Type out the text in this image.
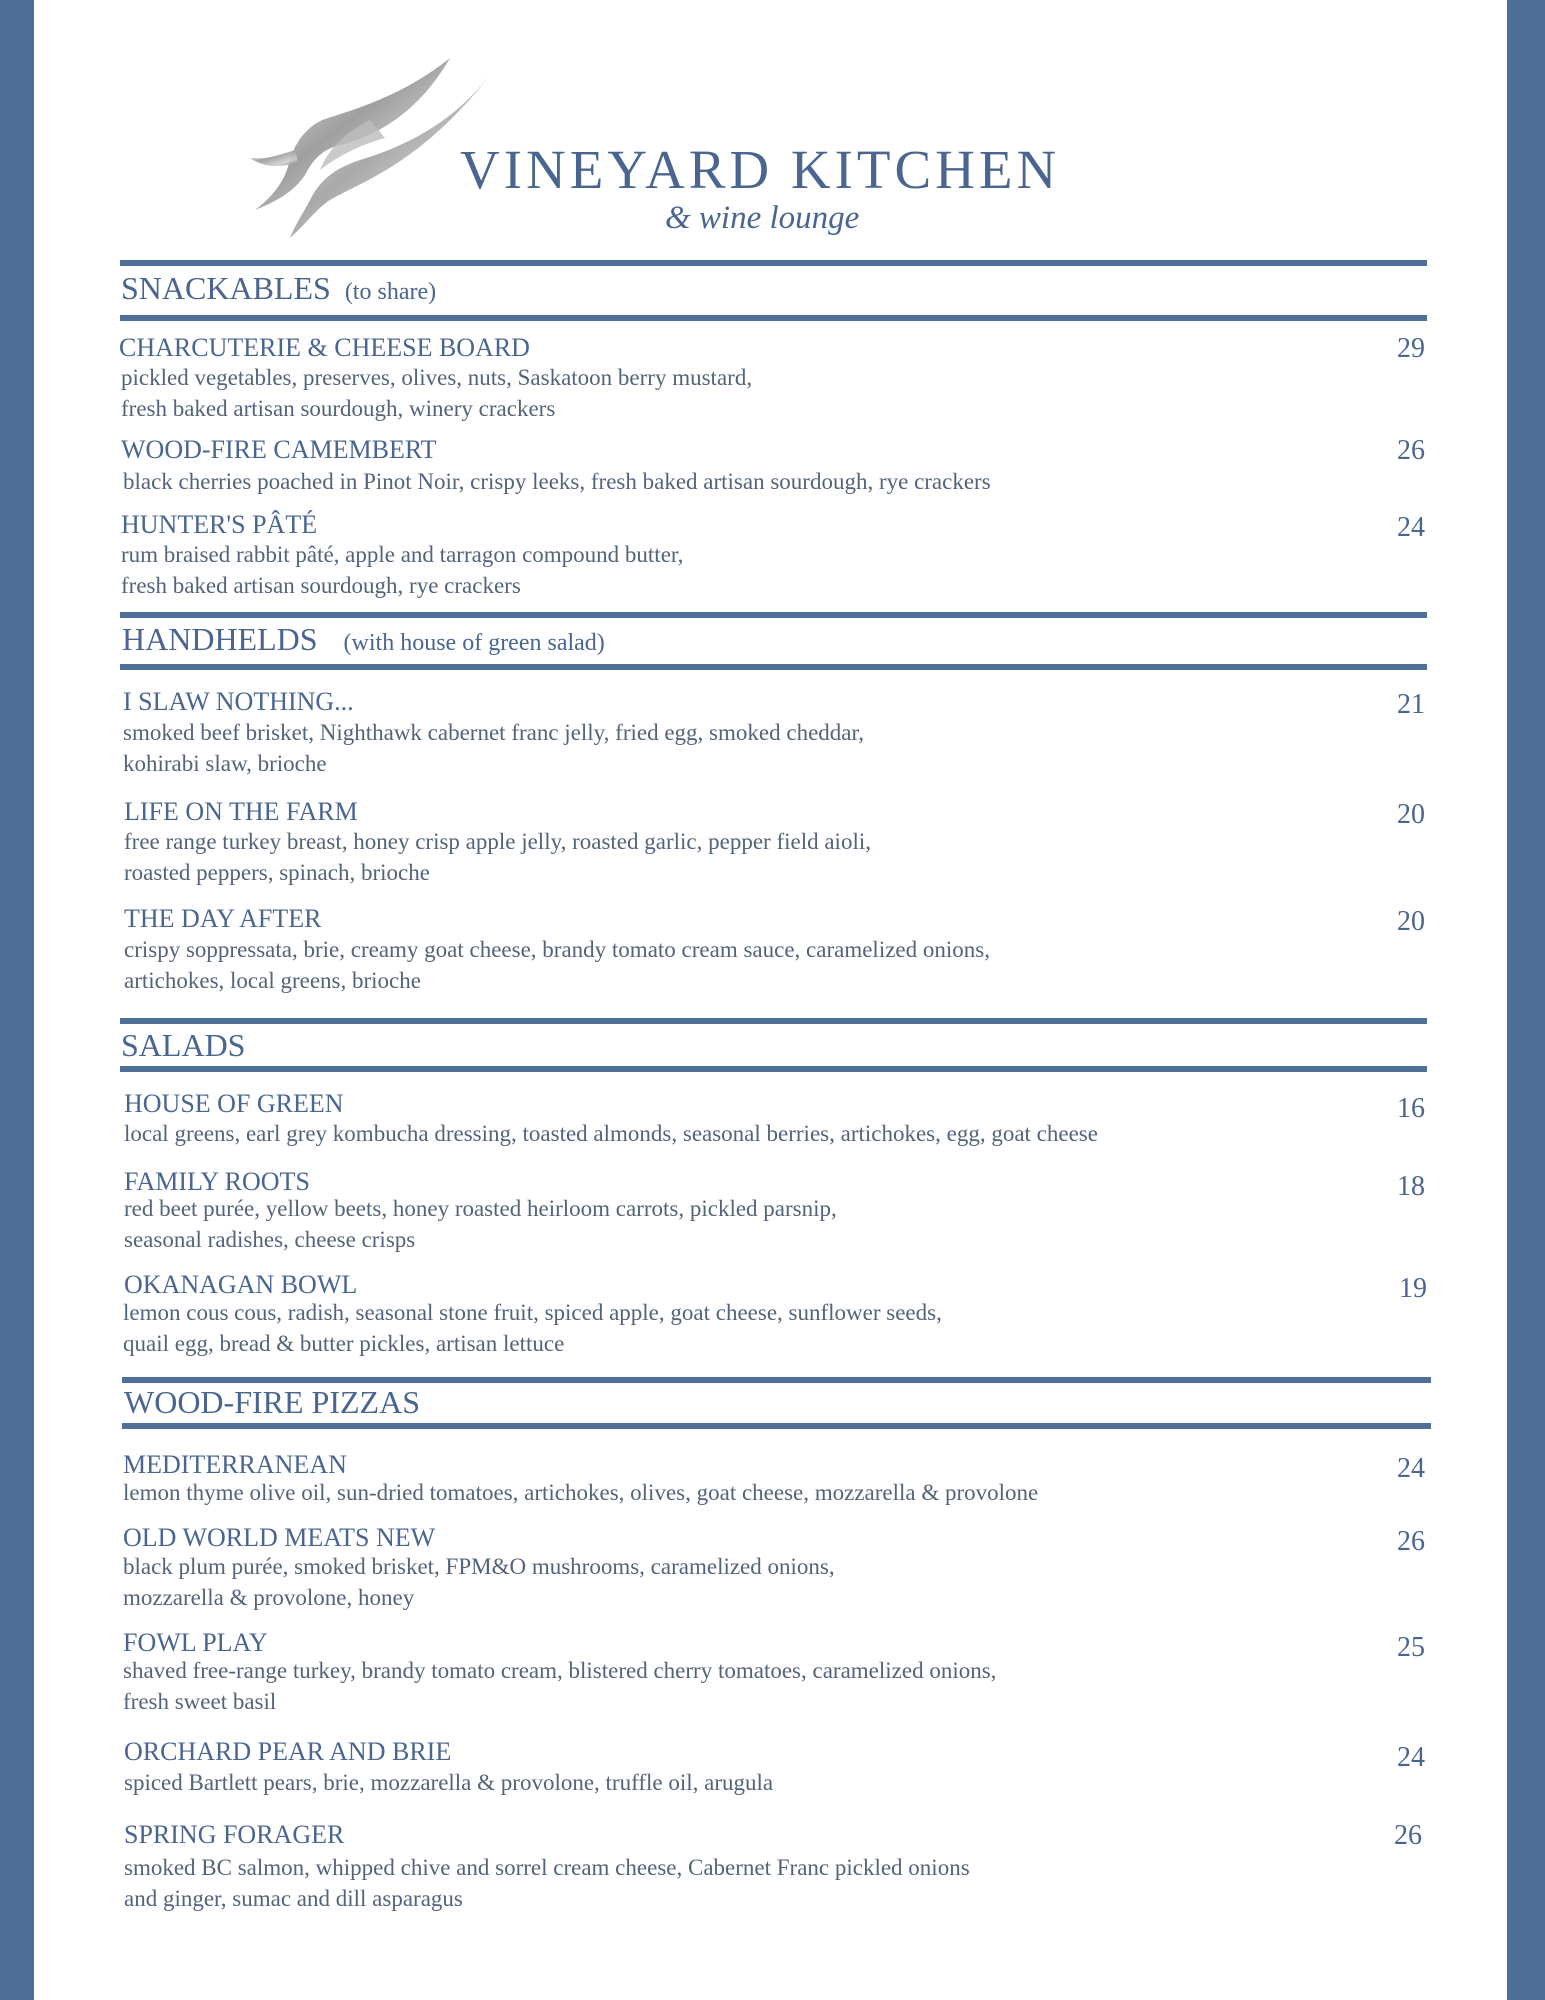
VINEYARD KITCHEN
& wine lounge
SNACKABLES (to share)
CHARCUTERIE & CHEESE BOARD
pickled vegetables, preserves, olives, nuts, Saskatoon berry mustard,
fresh baked artisan sourdough, winery crackers
29
WOOD-FIRE CAMEMBERT
black cherries poached in Pinot Noir, crispy leeks, fresh baked artisan sourdough, rye crackers
26
HUNTER'S PÂTÉ
rum braised rabbit pâté, apple and tarragon compound butter,
fresh baked artisan sourdough, rye crackers
24
HANDHELDS (with house of green salad)
I SLAW NOTHING...
smoked beef brisket, Nighthawk cabernet franc jelly, fried egg, smoked cheddar,
kohirabi slaw, brioche
21
LIFE ON THE FARM
free range turkey breast, honey crisp apple jelly, roasted garlic, pepper field aioli,
roasted peppers, spinach, brioche
20
THE DAY AFTER
crispy soppressata, brie, creamy goat cheese, brandy tomato cream sauce, caramelized onions,
artichokes, local greens, brioche
20
SALADS
HOUSE OF GREEN
local greens, earl grey kombucha dressing, toasted almonds, seasonal berries, artichokes, egg, goat cheese
16
FAMILY ROOTS
red beet purée, yellow beets, honey roasted heirloom carrots, pickled parsnip,
seasonal radishes, cheese crisps
18
OKANAGAN BOWL
lemon cous cous, radish, seasonal stone fruit, spiced apple, goat cheese, sunflower seeds,
quail egg, bread & butter pickles, artisan lettuce
19
WOOD-FIRE PIZZAS
MEDITERRANEAN
lemon thyme olive oil, sun-dried tomatoes, artichokes, olives, goat cheese, mozzarella & provolone
24
OLD WORLD MEATS NEW
black plum purée, smoked brisket, FPM&O mushrooms, caramelized onions,
mozzarella & provolone, honey
26
FOWL PLAY
shaved free-range turkey, brandy tomato cream, blistered cherry tomatoes, caramelized onions,
fresh sweet basil
25
ORCHARD PEAR AND BRIE
spiced Bartlett pears, brie, mozzarella & provolone, truffle oil, arugula
24
SPRING FORAGER
smoked BC salmon, whipped chive and sorrel cream cheese, Cabernet Franc pickled onions
and ginger, sumac and dill asparagus
26
